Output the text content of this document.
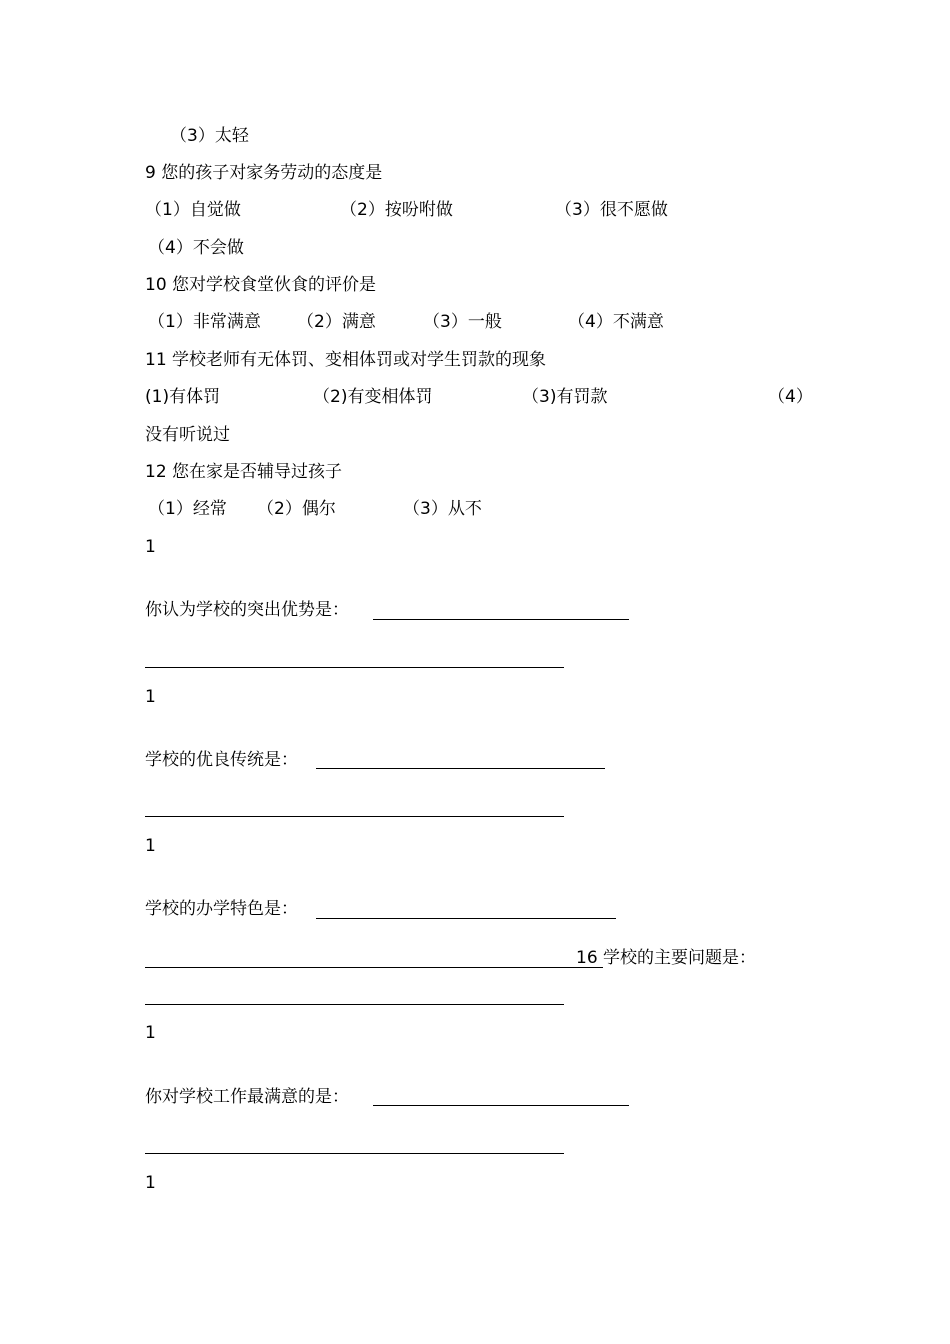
（3）太轻
9 您的孩子对家务劳动的态度是
（1）自觉做	（2）按吩咐做	（3）很不愿做
（4）不会做
10 您对学校食堂伙食的评价是
（1）非常满意 （2）满意	（3）一般	（4）不满意
11 学校老师有无体罚、变相体罚或对学生罚款的现象
(1)有体罚	（2)有变相体罚	（3)有罚款	（4）
没有听说过
12 您在家是否辅导过孩子
（1）经常 （2）偶尔	（3）从不
1
你认为学校的突出优势是：
1
学校的优良传统是：
1
学校的办学特色是：
16 学校的主要问题是：
1
你对学校工作最满意的是：
1
